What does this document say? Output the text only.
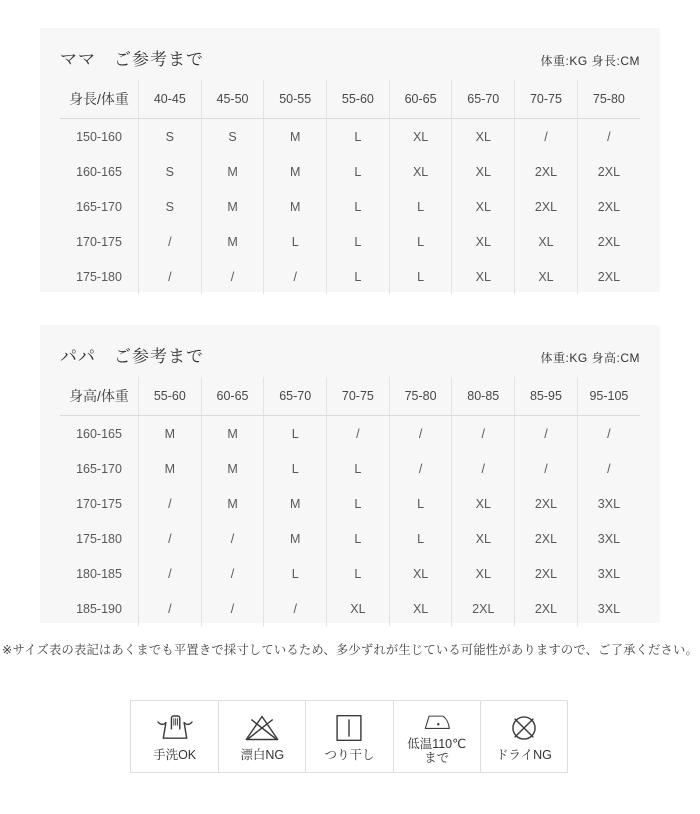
ママ　ご参考まで	体重:KG 身長:CM
身長/体重	40-45	45-50	50-55	55-60	60-65	65-70	70-75	75-80
150-160	S	S	M	L	XL	XL	/	/
160-165	S	M	M	L	XL	XL	2XL	2XL
165-170	S	M	M	L	L	XL	2XL	2XL
170-175	/	M	L	L	L	XL	XL	2XL
175-180	/	/	/	L	L	XL	XL	2XL
パパ　ご参考まで	体重:KG 身高:CM
身高/体重	55-60	60-65	65-70	70-75	75-80	80-85	85-95	95-105
160-165	M	M	L	/	/	/	/	/
165-170	M	M	L	L	/	/	/	/
170-175	/	M	M	L	L	XL	2XL	3XL
175-180	/	/	M	L	L	XL	2XL	3XL
180-185	/	/	L	L	XL	XL	2XL	3XL
185-190	/	/	/	XL	XL	2XL	2XL	3XL

※サイズ表の表記はあくまでも平置きで採寸しているため、多少ずれが生じている可能性がありますので、ご了承ください。

手洗OK	漂白NG	つり干し
低温110℃
まで	ドライNG
